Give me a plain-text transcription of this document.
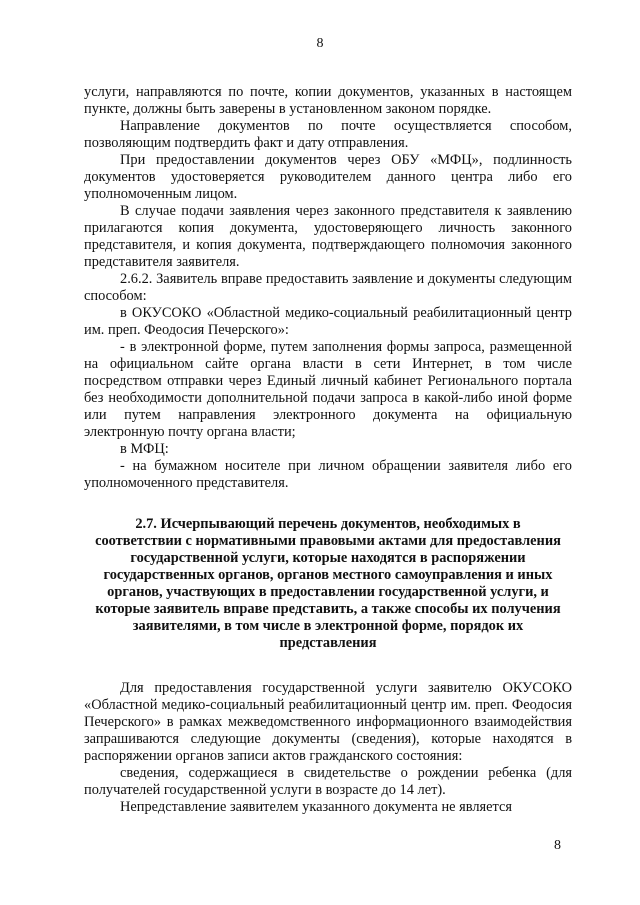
8

услуги, направляются по почте, копии документов, указанных в настоящем пункте, должны быть заверены в установленном законом порядке.

Направление документов по почте осуществляется способом, позволяющим подтвердить факт и дату отправления.

При предоставлении документов через ОБУ «МФЦ», подлинность документов удостоверяется руководителем данного центра либо его уполномоченным лицом.

В случае подачи заявления через законного представителя к заявлению прилагаются копия документа, удостоверяющего личность законного представителя, и копия документа, подтверждающего полномочия законного представителя заявителя.

2.6.2. Заявитель вправе предоставить заявление и документы следующим способом:

в ОКУСОКО «Областной медико-социальный реабилитационный центр им. преп. Феодосия Печерского»:

- в электронной форме, путем заполнения формы запроса, размещенной на официальном сайте органа власти в сети Интернет, в том числе посредством отправки через Единый личный кабинет Регионального портала без необходимости дополнительной подачи запроса в какой-либо иной форме или путем направления электронного документа на официальную электронную почту органа власти;

в МФЦ:

- на бумажном носителе при личном обращении заявителя либо его уполномоченного представителя.

2.7. Исчерпывающий перечень документов, необходимых в соответствии с нормативными правовыми актами для предоставления государственной услуги, которые находятся в распоряжении государственных органов, органов местного самоуправления и иных органов, участвующих в предоставлении государственной услуги, и которые заявитель вправе представить, а также способы их получения заявителями, в том числе в электронной форме, порядок их представления

Для предоставления государственной услуги заявителю ОКУСОКО «Областной медико-социальный реабилитационный центр им. преп. Феодосия Печерского» в рамках межведомственного информационного взаимодействия запрашиваются следующие документы (сведения), которые находятся в распоряжении органов записи актов гражданского состояния:

сведения, содержащиеся в свидетельстве о рождении ребенка (для получателей государственной услуги в возрасте до 14 лет).

Непредставление заявителем указанного документа не является

8
